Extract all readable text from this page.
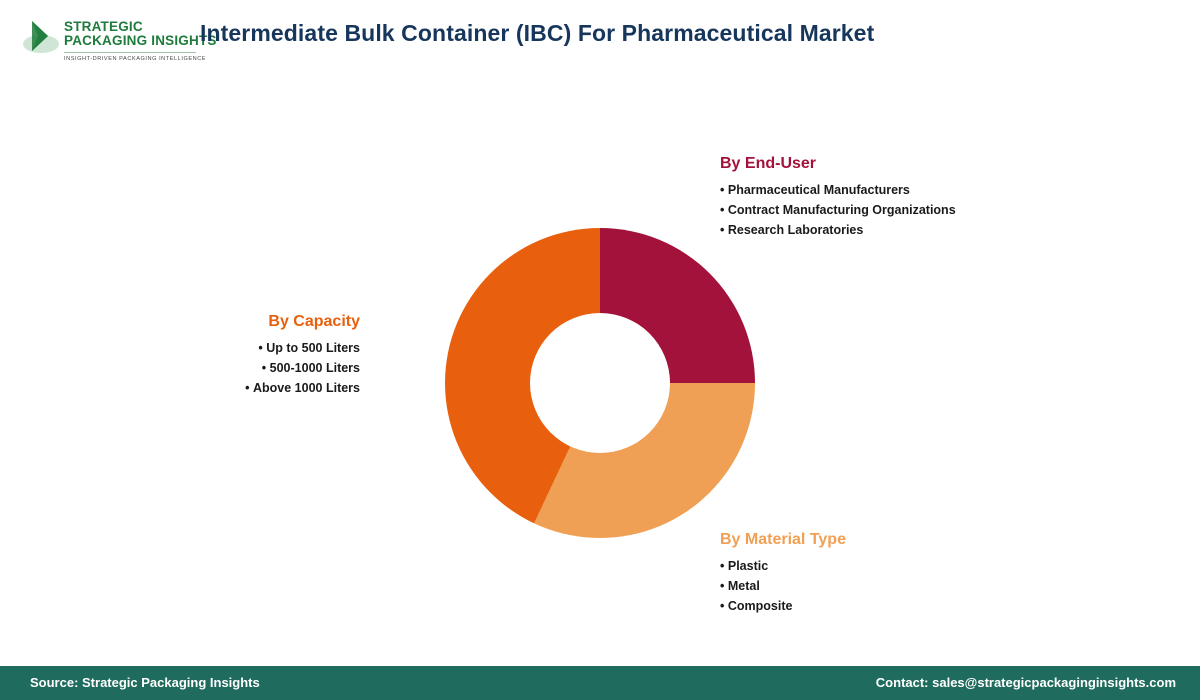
STRATEGIC
PACKAGING INSIGHTS
INSIGHT-DRIVEN PACKAGING INTELLIGENCE
Intermediate Bulk Container (IBC) For Pharmaceutical Market
By End-User
• Pharmaceutical Manufacturers
• Contract Manufacturing Organizations
• Research Laboratories
By Capacity
• Up to 500 Liters
• 500-1000 Liters
• Above 1000 Liters
By Material Type
• Plastic
• Metal
• Composite
Source: Strategic Packaging Insights	Contact: sales@strategicpackaginginsights.com
